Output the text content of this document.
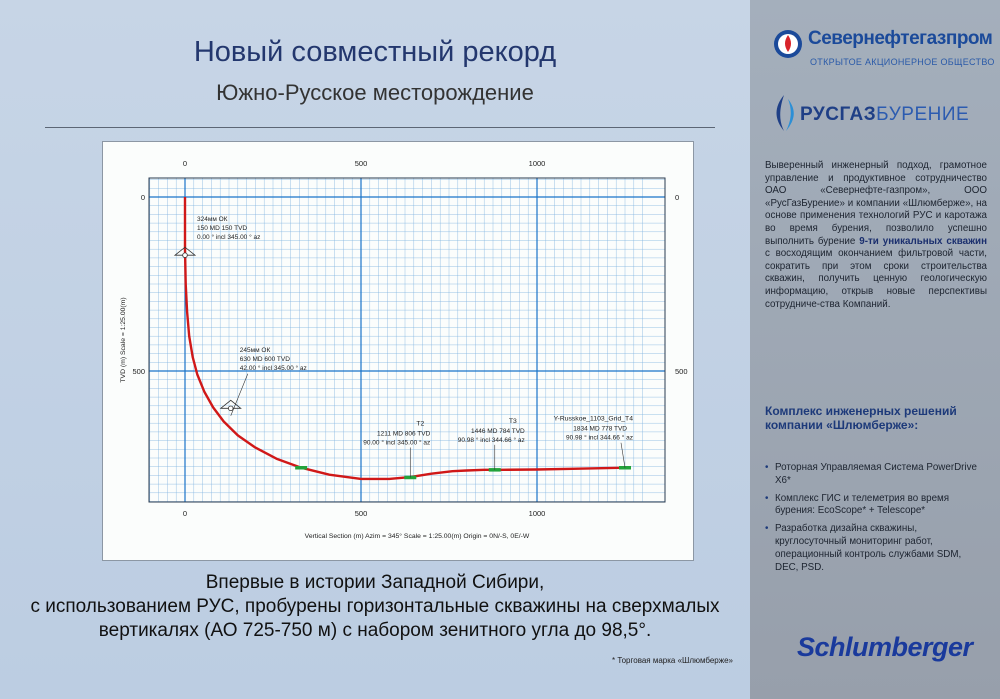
Новый совместный рекорд
Южно-Русское месторождение
0
0
500
500
1000
1000
0	0
500	500
Vertical Section (m) Azim = 345° Scale = 1:25.00(m) Origin = 0N/-S, 0E/-W
TVD (m) Scale = 1:25.00(m)
324мм ОК
150 MD 150 TVD
0.00 ° incl 345.00 ° az
245мм ОК
630 MD 600 TVD
42.00 ° incl 345.00 ° az
T2
1211 MD 806 TVD
90.00 ° incl 345.00 ° az
T3
1446 MD 784 TVD
90.98 ° incl 344.66 ° az
Y-Russkoe_1103_Grid_T4
1834 MD 778 TVD
90.98 ° incl 344.66 ° az
Впервые в истории Западной Сибири,
с использованием РУС, пробурены горизонтальные скважины на сверхмалых
вертикалях (АО 725-750 м) с набором зенитного угла до 98,5°.
* Торговая марка «Шлюмберже»
Севернефтегазпром
ОТКРЫТОЕ АКЦИОНЕРНОЕ ОБЩЕСТВО
РУСГАЗБУРЕНИЕ
Выверенный инженерный подход, грамотное управление и продуктивное сотрудничество ОАО «Севернефте-газпром», ООО «РусГазБурение» и компании «Шлюмберже», на основе применения технологий РУС и каротажа во время бурения, позволило успешно выполнить бурение 9-ти уникальных скважин с восходящим окончанием фильтровой части, сократить при этом сроки строительства скважин, получить ценную геологическую информацию, открыв новые перспективы сотрудниче-ства Компаний.
Комплекс инженерных решений компании «Шлюмберже»:
• Роторная Управляемая Система PowerDrive X6*
• Комплекс ГИС и телеметрия во время бурения: EcoScope* + Telescope*
• Разработка дизайна скважины, круглосуточный мониторинг работ, операционный контроль службами SDM, DEC, PSD.
Schlumberger
